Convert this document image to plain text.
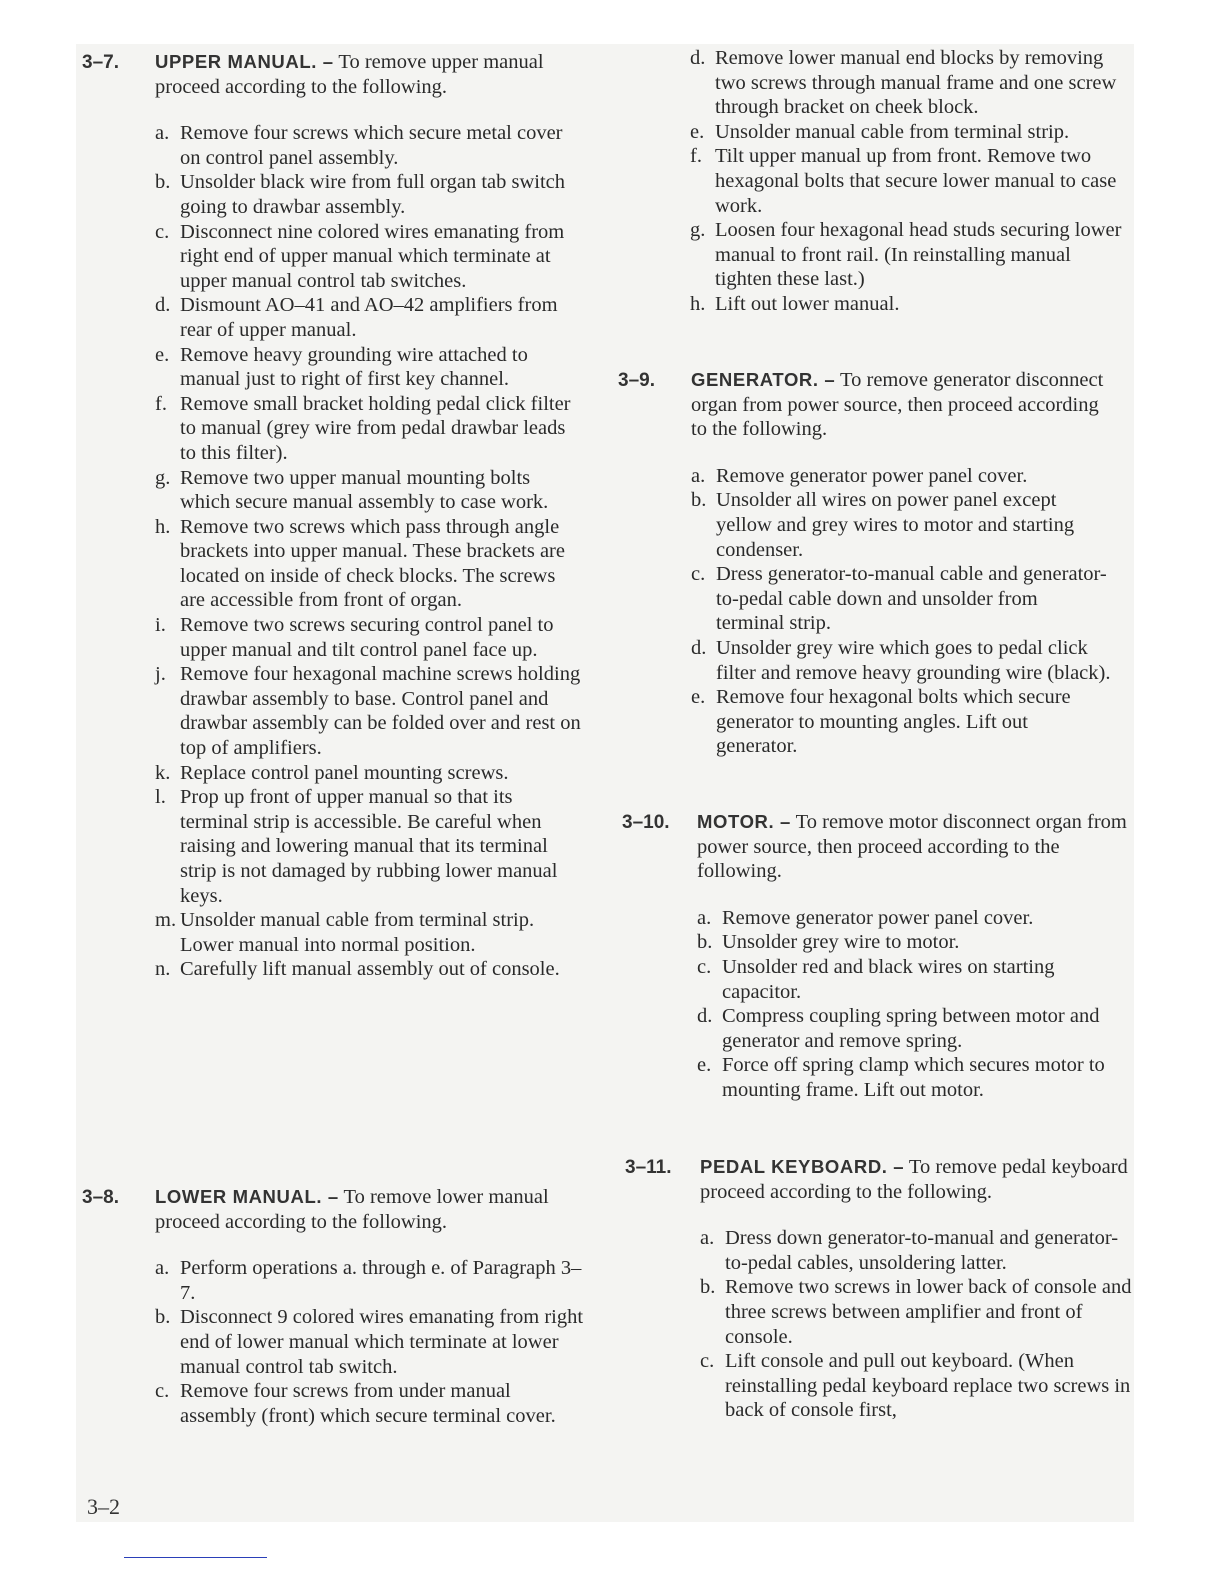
3–7. UPPER MANUAL. – To remove upper manual proceed according to the following.
a. Remove four screws which secure metal cover on control panel assembly.
b. Unsolder black wire from full organ tab switch going to drawbar assembly.
c. Disconnect nine colored wires emanating from right end of upper manual which terminate at upper manual control tab switches.
d. Dismount AO–41 and AO–42 amplifiers from rear of upper manual.
e. Remove heavy grounding wire attached to manual just to right of first key channel.
f. Remove small bracket holding pedal click filter to manual (grey wire from pedal drawbar leads to this filter).
g. Remove two upper manual mounting bolts which secure manual assembly to case work.
h. Remove two screws which pass through angle brackets into upper manual. These brackets are located on inside of check blocks. The screws are accessible from front of organ.
i. Remove two screws securing control panel to upper manual and tilt control panel face up.
j. Remove four hexagonal machine screws holding drawbar assembly to base. Control panel and drawbar assembly can be folded over and rest on top of amplifiers.
k. Replace control panel mounting screws.
l. Prop up front of upper manual so that its terminal strip is accessible. Be careful when raising and lowering manual that its terminal strip is not damaged by rubbing lower manual keys.
m. Unsolder manual cable from terminal strip. Lower manual into normal position.
n. Carefully lift manual assembly out of console.
3–8. LOWER MANUAL. – To remove lower manual proceed according to the following.
a. Perform operations a. through e. of Paragraph 3–7.
b. Disconnect 9 colored wires emanating from right end of lower manual which terminate at lower manual control tab switch.
c. Remove four screws from under manual assembly (front) which secure terminal cover.
3–2
d. Remove lower manual end blocks by removing two screws through manual frame and one screw through bracket on cheek block.
e. Unsolder manual cable from terminal strip.
f. Tilt upper manual up from front. Remove two hexagonal bolts that secure lower manual to case work.
g. Loosen four hexagonal head studs securing lower manual to front rail. (In reinstalling manual tighten these last.)
h. Lift out lower manual.
3–9. GENERATOR. – To remove generator disconnect organ from power source, then proceed according to the following.
a. Remove generator power panel cover.
b. Unsolder all wires on power panel except yellow and grey wires to motor and starting condenser.
c. Dress generator-to-manual cable and generator-to-pedal cable down and unsolder from terminal strip.
d. Unsolder grey wire which goes to pedal click filter and remove heavy grounding wire (black).
e. Remove four hexagonal bolts which secure generator to mounting angles. Lift out generator.
3–10. MOTOR. – To remove motor disconnect organ from power source, then proceed according to the following.
a. Remove generator power panel cover.
b. Unsolder grey wire to motor.
c. Unsolder red and black wires on starting capacitor.
d. Compress coupling spring between motor and generator and remove spring.
e. Force off spring clamp which secures motor to mounting frame. Lift out motor.
3–11. PEDAL KEYBOARD. – To remove pedal keyboard proceed according to the following.
a. Dress down generator-to-manual and generator-to-pedal cables, unsoldering latter.
b. Remove two screws in lower back of console and three screws between amplifier and front of console.
c. Lift console and pull out keyboard. (When reinstalling pedal keyboard replace two screws in back of console first,
